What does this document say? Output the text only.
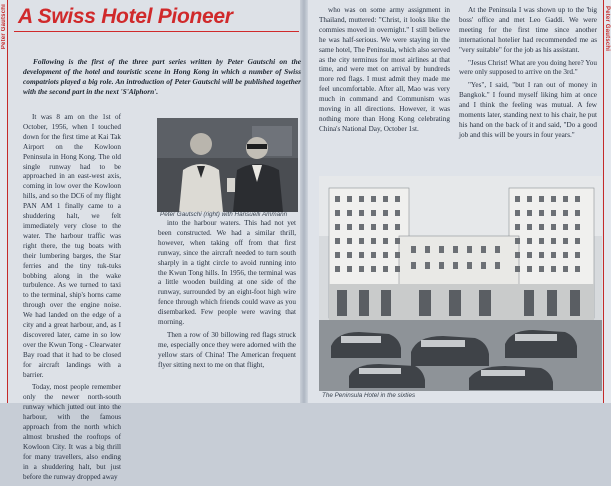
Peter Gautschi	Peter Gautschi
A Swiss Hotel Pioneer

Following is the first of the three part series written by Peter Gautschi on the development of the hotel and touristic scene in Hong Kong in which a number of Swiss compatriots played a big role. An introduction of Peter Gautschi will be published together with the second part in the next 'S'Alphorn'.

It was 8 am on the 1st of October, 1956, when I touched down for the first time at Kai Tak Airport on the Kowloon Peninsula in Hong Kong. The old single runway had to be approached in an east-west axis, coming in low over the Kowloon hills, and so the DC6 of my flight PAN AM 1 finally came to a shuddering halt, we felt immediately very close to the water. The harbour traffic was right there, the tug boats with their lumbering barges, the Star ferries and the tiny tuk-tuks bobbing along in the wake turbulence. As we turned to taxi to the terminal, ship's horns came through over the engine noise. We had landed on the edge of a city and a great harbour, and, as I discovered later, came in so low over the Kwun Tong - Clearwater Bay road that it had to be closed for aircraft landings with a barrier.

Today, most people remember only the newer north-south runway which jutted out into the harbour, with the famous approach from the north which almost brushed the rooftops of Kowloon City. It was a big thrill for many travellers, also ending in a shuddering halt, but just before the runway dropped away

Peter Gautschi (right) with Hansuelli Ammann

into the harbour waters. This had not yet been constructed. We had a similar thrill, however, when taking off from that first runway, since the aircraft needed to turn south sharply in a tight circle to avoid running into the Kwun Tong hills. In 1956, the terminal was a little wooden building at one side of the runway, surrounded by an eight-foot high wire fence through which friends could wave as you disembarked. Few people were waving that morning.

Then a row of 30 billowing red flags struck me, especially once they were adorned with the yellow stars of China! The American frequent flyer sitting next to me on that flight,

who was on some army assignment in Thailand, muttered: "Christ, it looks like the commies moved in overnight." I still believe he was half-serious. We were staying in the same hotel, The Peninsula, which also served as the city terminus for most airlines at that time, and were met on arrival by hundreds more red flags. I must admit they made me feel uncomfortable. After all, Mao was very much in command and Communism was moving in all directions. However, it was nothing more than Hong Kong celebrating China's National Day, October 1st.

At the Peninsula I was shown up to the 'big boss' office and met Leo Gaddi. We were meeting for the first time since another international hotelier had recommended me as "very suitable" for the job as his assistant.

"Jesus Christ! What are you doing here? You were only supposed to arrive on the 3rd."

"Yes", I said, "but I ran out of money in Bangkok." I found myself liking him at once and I think the feeling was mutual. A few moments later, standing next to his chair, he put his hand on the back of it and said, "Do a good job and this will be yours in four years."

The Peninsula Hotel in the sixties
